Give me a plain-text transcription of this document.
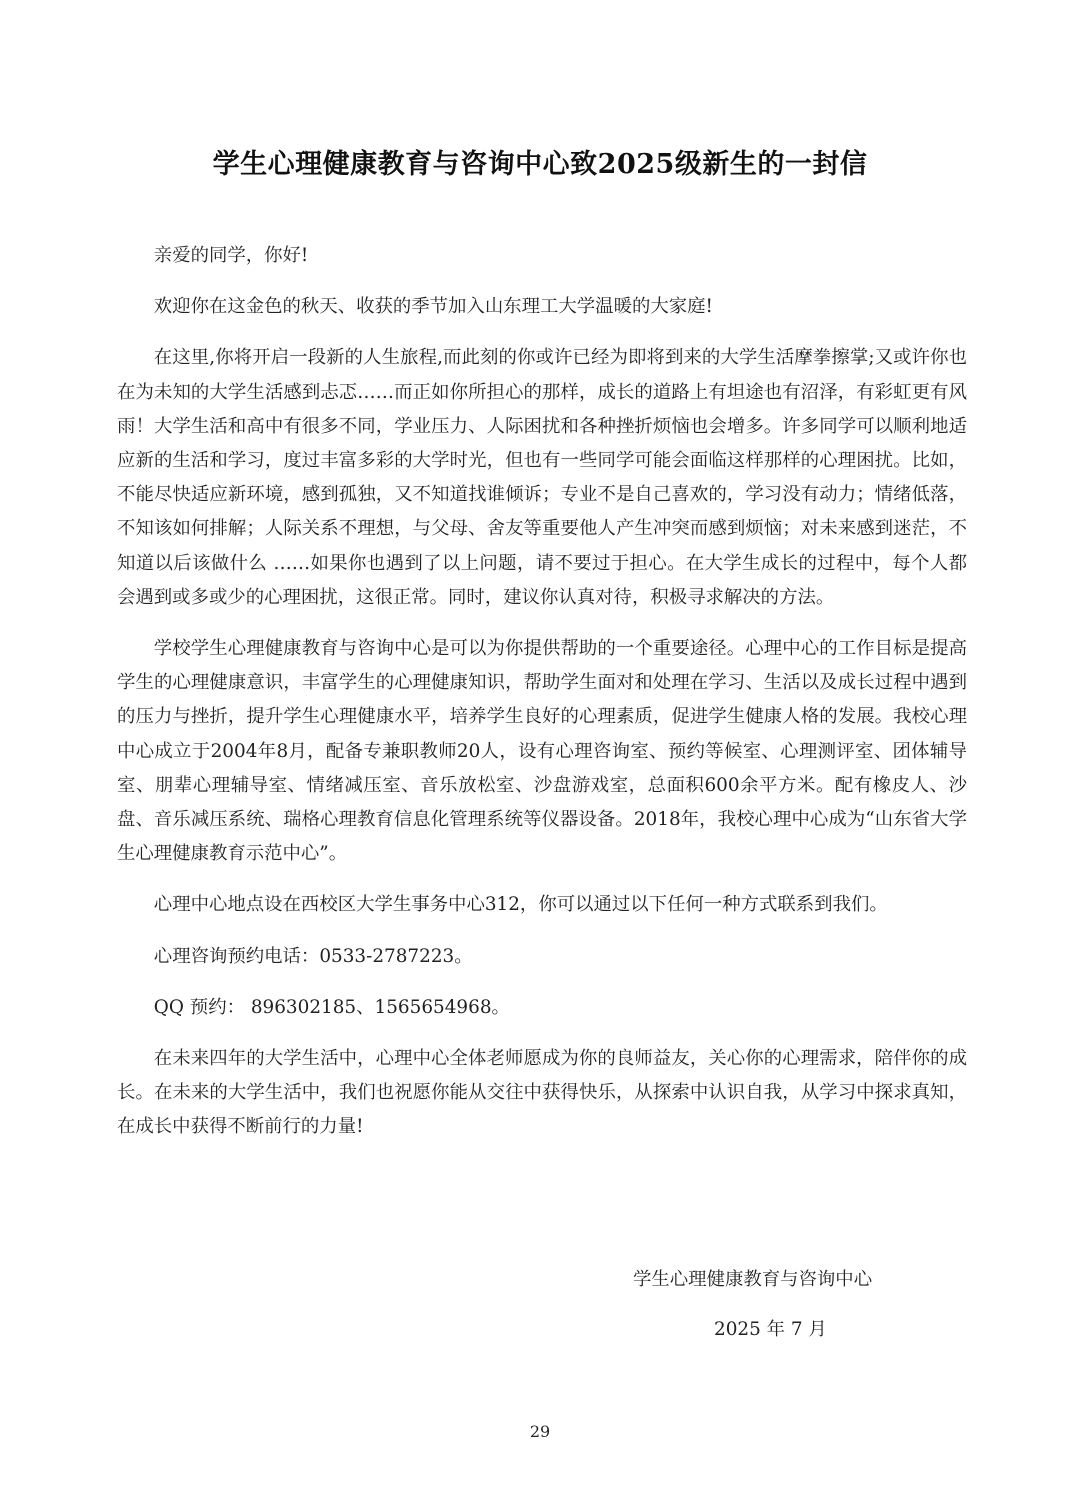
学生心理健康教育与咨询中心致2025级新生的一封信

亲爱的同学，你好!

欢迎你在这金色的秋天、收获的季节加入山东理工大学温暖的大家庭!

在这里,你将开启一段新的人生旅程,而此刻的你或许已经为即将到来的大学生活摩拳擦掌;又或许你也在为未知的大学生活感到忐忑……而正如你所担心的那样，成长的道路上有坦途也有沼泽，有彩虹更有风雨！大学生活和高中有很多不同，学业压力、人际困扰和各种挫折烦恼也会增多。许多同学可以顺利地适应新的生活和学习，度过丰富多彩的大学时光，但也有一些同学可能会面临这样那样的心理困扰。比如，不能尽快适应新环境，感到孤独，又不知道找谁倾诉；专业不是自己喜欢的，学习没有动力；情绪低落，不知该如何排解；人际关系不理想，与父母、舍友等重要他人产生冲突而感到烦恼；对未来感到迷茫，不知道以后该做什么 ……如果你也遇到了以上问题，请不要过于担心。在大学生成长的过程中，每个人都会遇到或多或少的心理困扰，这很正常。同时，建议你认真对待，积极寻求解决的方法。

学校学生心理健康教育与咨询中心是可以为你提供帮助的一个重要途径。心理中心的工作目标是提高学生的心理健康意识，丰富学生的心理健康知识，帮助学生面对和处理在学习、生活以及成长过程中遇到的压力与挫折，提升学生心理健康水平，培养学生良好的心理素质，促进学生健康人格的发展。我校心理中心成立于2004年8月，配备专兼职教师20人，设有心理咨询室、预约等候室、心理测评室、团体辅导室、朋辈心理辅导室、情绪减压室、音乐放松室、沙盘游戏室，总面积600余平方米。配有橡皮人、沙盘、音乐减压系统、瑞格心理教育信息化管理系统等仪器设备。2018年，我校心理中心成为“山东省大学生心理健康教育示范中心”。

心理中心地点设在西校区大学生事务中心312，你可以通过以下任何一种方式联系到我们。

心理咨询预约电话：0533-2787223。

QQ 预约： 896302185、1565654968。

在未来四年的大学生活中，心理中心全体老师愿成为你的良师益友，关心你的心理需求，陪伴你的成长。在未来的大学生活中，我们也祝愿你能从交往中获得快乐，从探索中认识自我，从学习中探求真知，在成长中获得不断前行的力量!

学生心理健康教育与咨询中心
2025 年 7 月
29
